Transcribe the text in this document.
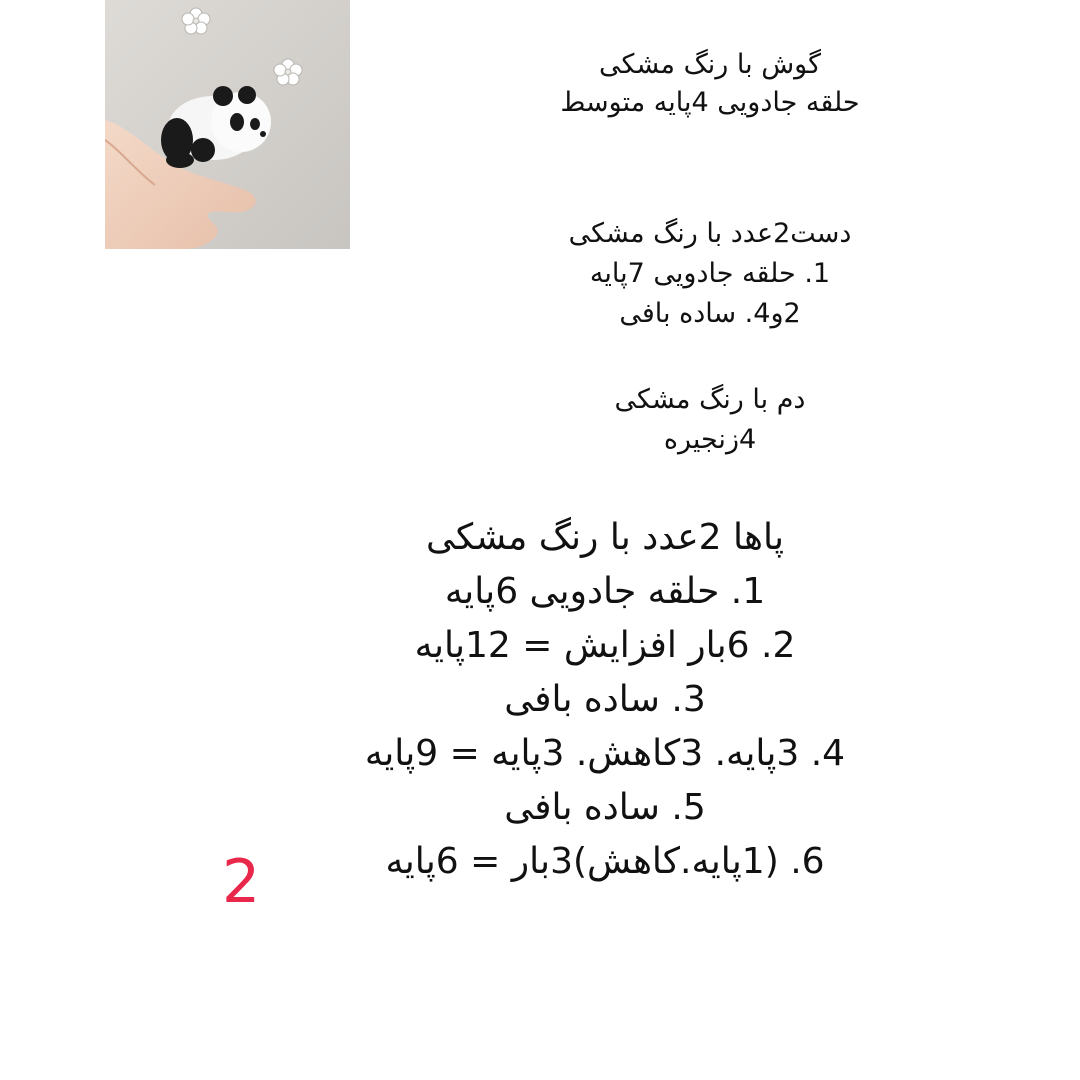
گوش با رنگ مشکی
حلقه جادویی 4پایه متوسط
دست2عدد با رنگ مشکی
1. حلقه جادویی 7پایه
2و4. ساده بافی
دم با رنگ مشکی
4زنجیره
پاها 2عدد با رنگ مشکی
1. حلقه جادویی 6پایه
2. 6بار افزایش = 12پایه
3. ساده بافی
4. 3پایه. 3کاهش. 3پایه = 9پایه
5. ساده بافی
6. (1پایه.کاهش)3بار = 6پایه
2
